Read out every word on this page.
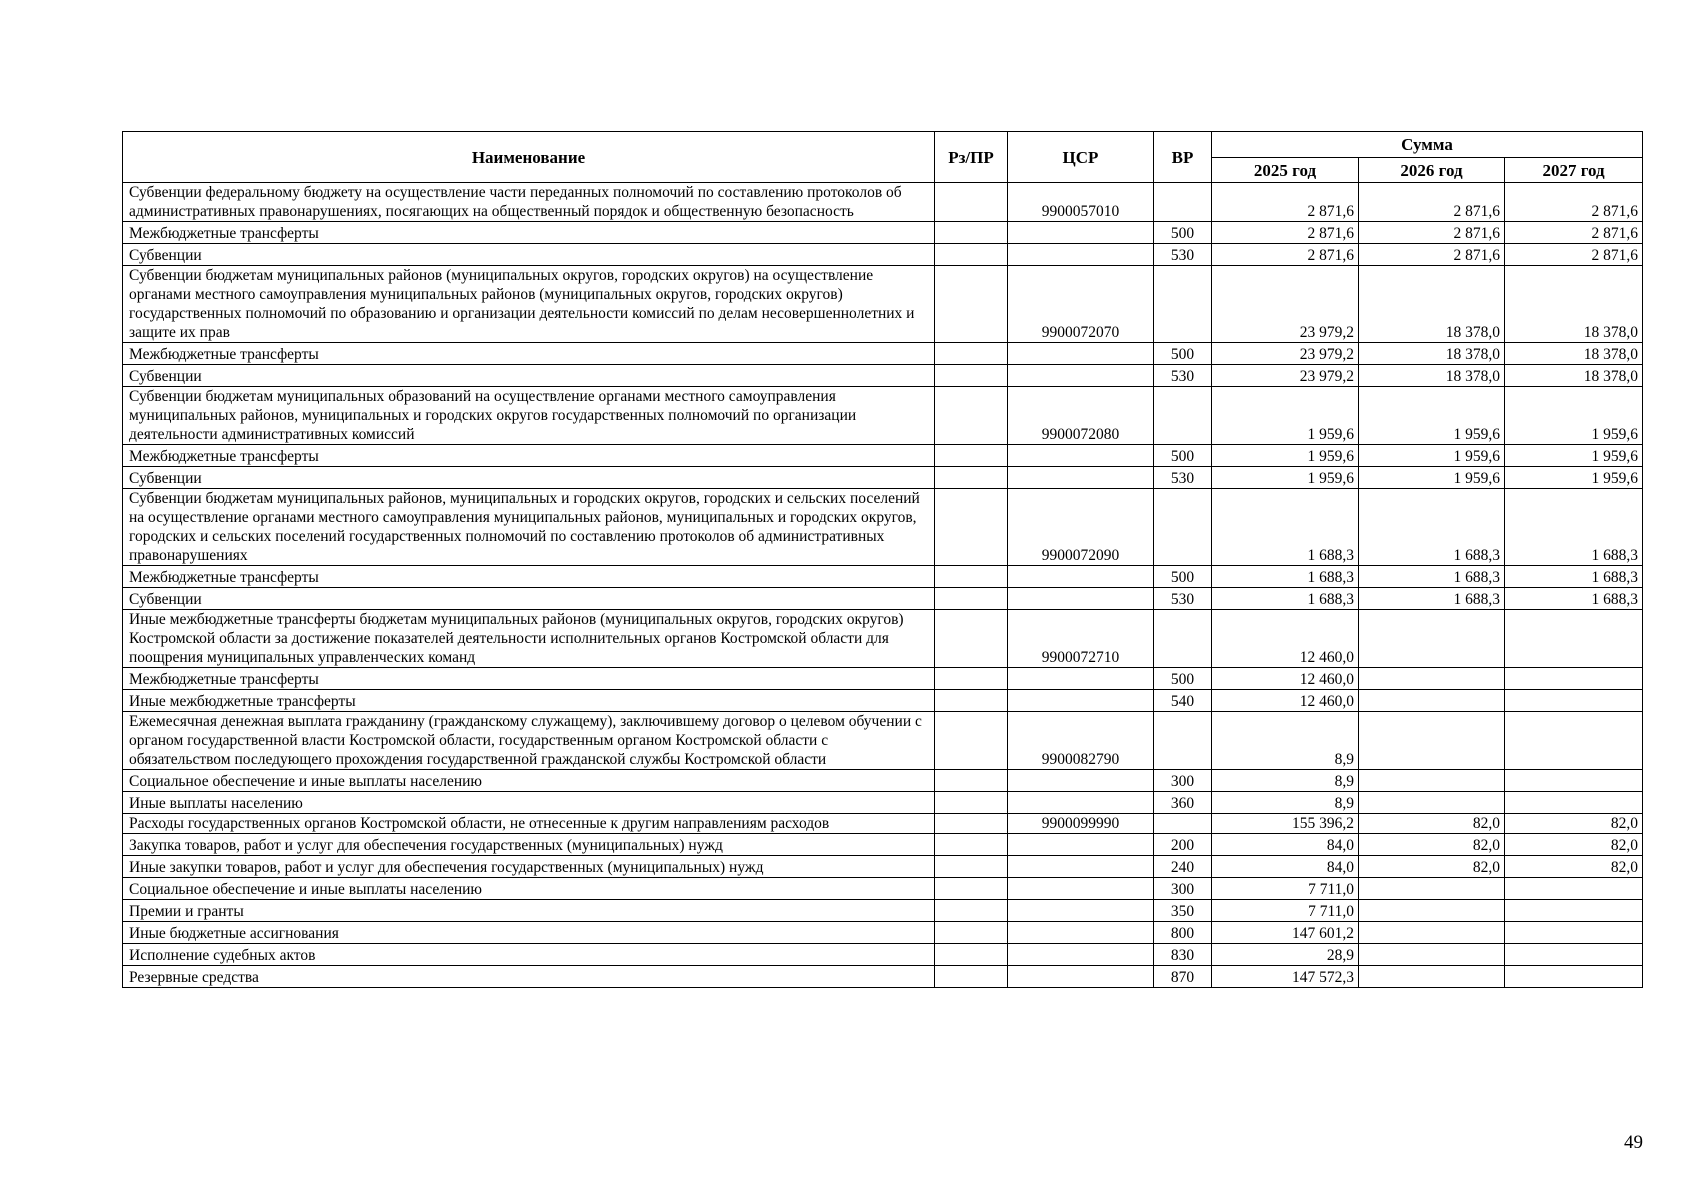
Наименование	Рз/ПР	ЦСР	ВР	Сумма		
				2025 год	2026 год	2027 год
Субвенции федеральному бюджету на осуществление части переданных полномочий по составлению протоколов об административных правонарушениях, посягающих на общественный порядок и общественную безопасность		9900057010		2 871,6	2 871,6	2 871,6
Межбюджетные трансферты			500	2 871,6	2 871,6	2 871,6
Субвенции			530	2 871,6	2 871,6	2 871,6
Субвенции бюджетам муниципальных районов (муниципальных округов, городских округов) на осуществление органами местного самоуправления муниципальных районов (муниципальных округов, городских округов) государственных полномочий по образованию и организации деятельности комиссий по делам несовершеннолетних и защите их прав		9900072070		23 979,2	18 378,0	18 378,0
Межбюджетные трансферты			500	23 979,2	18 378,0	18 378,0
Субвенции			530	23 979,2	18 378,0	18 378,0
Субвенции бюджетам муниципальных образований на осуществление органами местного самоуправления муниципальных районов, муниципальных и городских округов государственных полномочий по организации деятельности административных комиссий		9900072080		1 959,6	1 959,6	1 959,6
Межбюджетные трансферты			500	1 959,6	1 959,6	1 959,6
Субвенции			530	1 959,6	1 959,6	1 959,6
Субвенции бюджетам муниципальных районов, муниципальных и городских округов, городских и сельских поселений на осуществление органами местного самоуправления муниципальных районов, муниципальных и городских округов, городских и сельских поселений государственных полномочий по составлению протоколов об административных правонарушениях		9900072090		1 688,3	1 688,3	1 688,3
Межбюджетные трансферты			500	1 688,3	1 688,3	1 688,3
Субвенции			530	1 688,3	1 688,3	1 688,3
Иные межбюджетные трансферты бюджетам муниципальных районов (муниципальных округов, городских округов) Костромской области за достижение показателей деятельности исполнительных органов Костромской области для поощрения муниципальных управленческих команд		9900072710		12 460,0		
Межбюджетные трансферты			500	12 460,0		
Иные межбюджетные трансферты			540	12 460,0		
Ежемесячная денежная выплата гражданину (гражданскому служащему), заключившему договор о целевом обучении с органом государственной власти Костромской области, государственным органом Костромской области с обязательством последующего прохождения государственной гражданской службы Костромской области		9900082790		8,9		
Социальное обеспечение и иные выплаты населению			300	8,9		
Иные выплаты населению			360	8,9		
Расходы государственных органов Костромской области, не отнесенные к другим направлениям расходов		9900099990		155 396,2	82,0	82,0
Закупка товаров, работ и услуг для обеспечения государственных (муниципальных) нужд			200	84,0	82,0	82,0
Иные закупки товаров, работ и услуг для обеспечения государственных (муниципальных) нужд			240	84,0	82,0	82,0
Социальное обеспечение и иные выплаты населению			300	7 711,0		
Премии и гранты			350	7 711,0		
Иные бюджетные ассигнования			800	147 601,2		
Исполнение судебных актов			830	28,9		
Резервные средства			870	147 572,3		
49
